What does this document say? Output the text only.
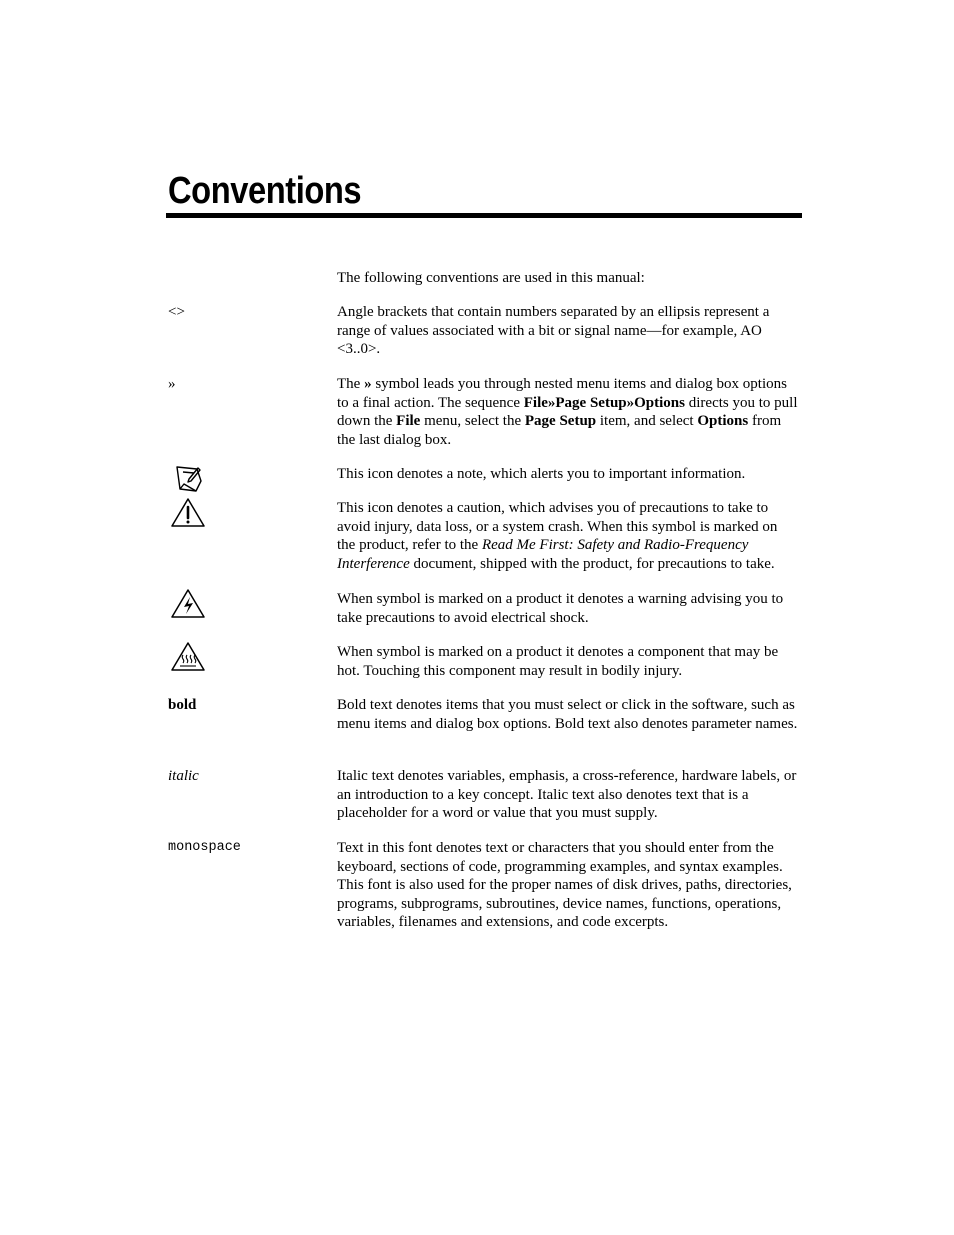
Conventions
The following conventions are used in this manual:
<>	Angle brackets that contain numbers separated by an ellipsis represent a range of values associated with a bit or signal name—for example, AO <3..0>.
»	The » symbol leads you through nested menu items and dialog box options to a final action. The sequence File»Page Setup»Options directs you to pull down the File menu, select the Page Setup item, and select Options from the last dialog box.
This icon denotes a note, which alerts you to important information.
This icon denotes a caution, which advises you of precautions to take to avoid injury, data loss, or a system crash. When this symbol is marked on the product, refer to the Read Me First: Safety and Radio-Frequency Interference document, shipped with the product, for precautions to take.
When symbol is marked on a product it denotes a warning advising you to take precautions to avoid electrical shock.
When symbol is marked on a product it denotes a component that may be hot. Touching this component may result in bodily injury.
bold	Bold text denotes items that you must select or click in the software, such as menu items and dialog box options. Bold text also denotes parameter names.
italic	Italic text denotes variables, emphasis, a cross-reference, hardware labels, or an introduction to a key concept. Italic text also denotes text that is a placeholder for a word or value that you must supply.
monospace	Text in this font denotes text or characters that you should enter from the keyboard, sections of code, programming examples, and syntax examples. This font is also used for the proper names of disk drives, paths, directories, programs, subprograms, subroutines, device names, functions, operations, variables, filenames and extensions, and code excerpts.
